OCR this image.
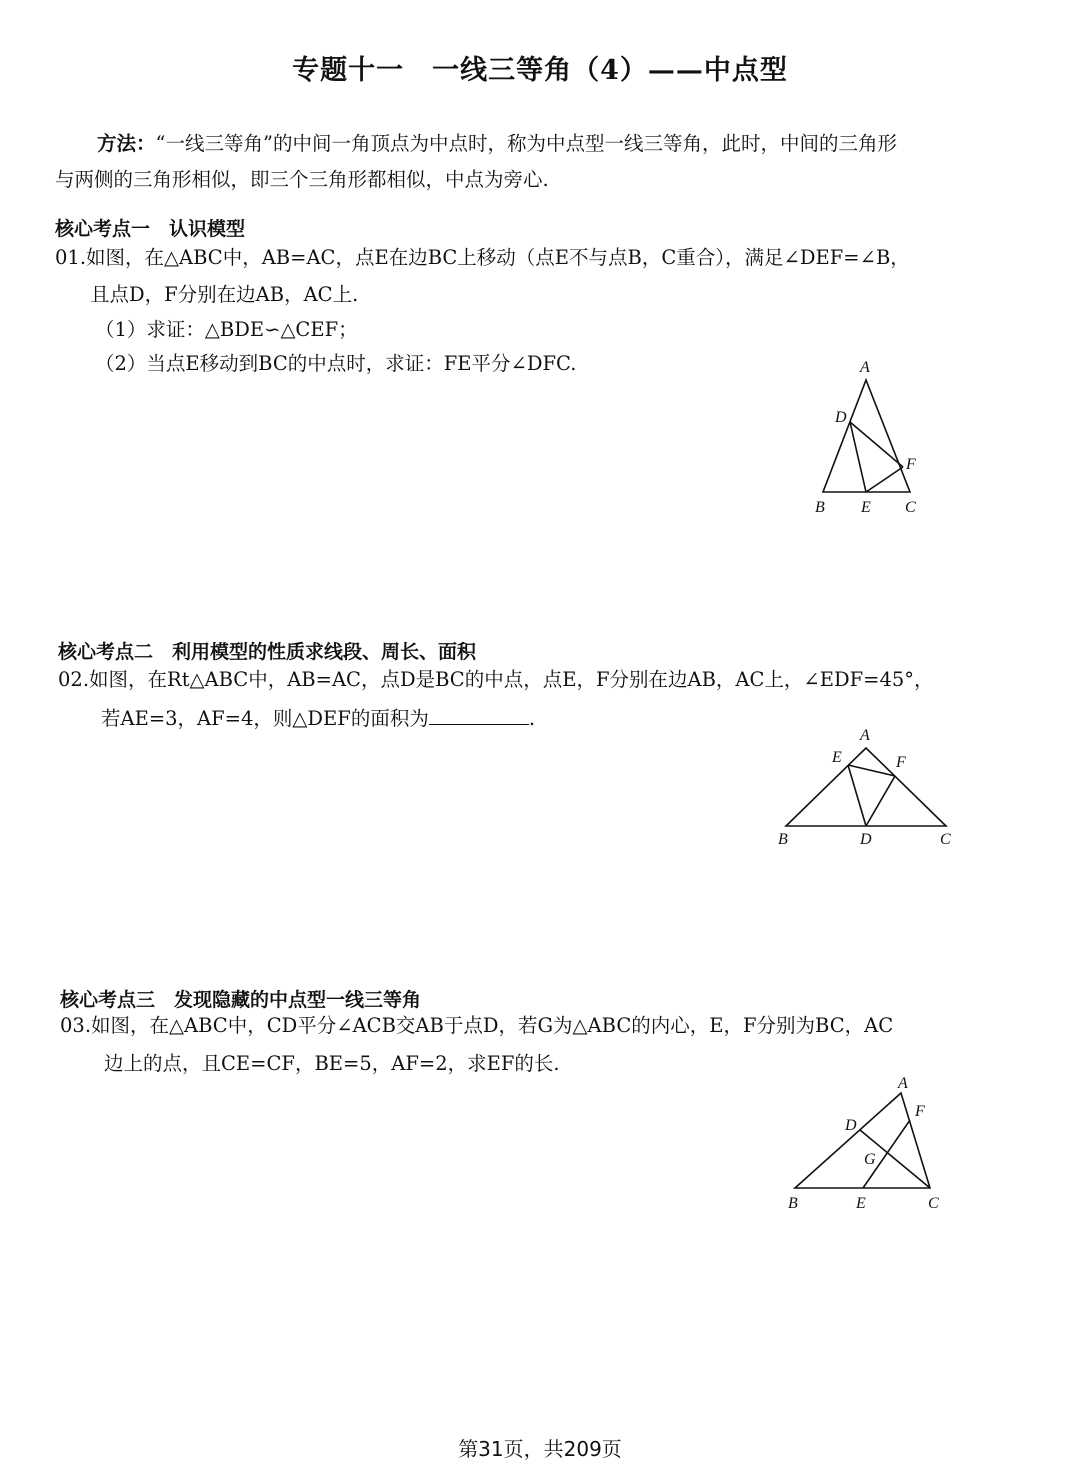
专题十一　一线三等角（4）——中点型
方法：“一线三等角”的中间一角顶点为中点时，称为中点型一线三等角，此时，中间的三角形
与两侧的三角形相似，即三个三角形都相似，中点为旁心.
核心考点一　认识模型
01.如图，在△ABC中，AB=AC，点E在边BC上移动（点E不与点B，C重合），满足∠DEF=∠B，
且点D，F分别在边AB，AC上.
（1）求证：△BDE∽△CEF；
（2）当点E移动到BC的中点时，求证：FE平分∠DFC.	A
D
F
B E C
核心考点二　利用模型的性质求线段、周长、面积
02.如图，在Rt△ABC中，AB=AC，点D是BC的中点，点E，F分别在边AB，AC上，∠EDF=45°，
若AE=3，AF=4，则△DEF的面积为	.
A
E	F
B	D	C
核心考点三　发现隐藏的中点型一线三等角
03.如图，在△ABC中，CD平分∠ACB交AB于点D，若G为△ABC的内心，E，F分别为BC，AC
边上的点，且CE=CF，BE=5，AF=2，求EF的长.
A
F
D
G
B	E	C
第31页，共209页
